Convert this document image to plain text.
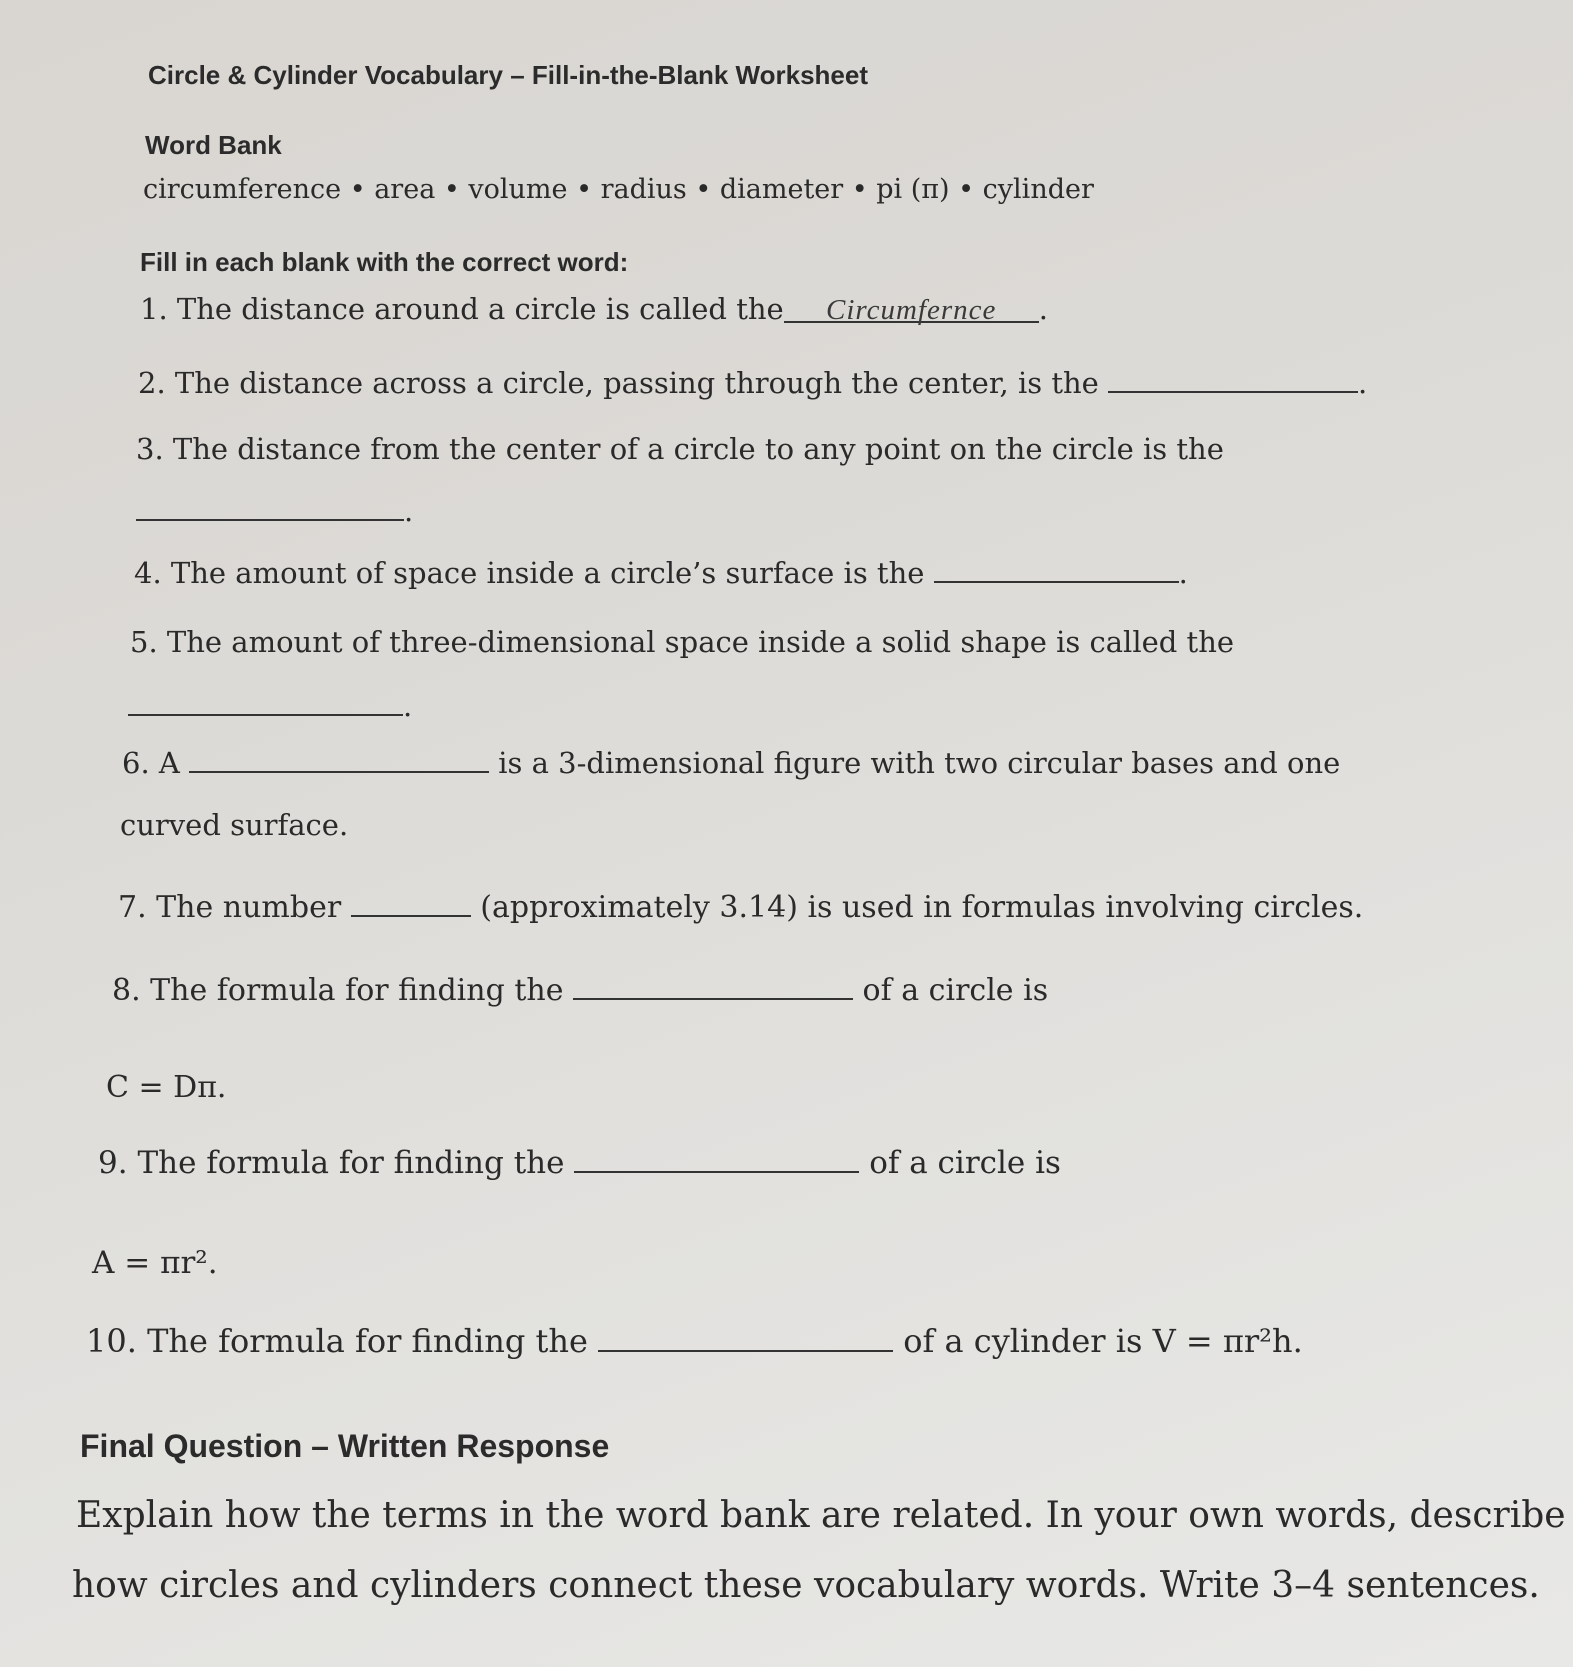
Circle & Cylinder Vocabulary – Fill-in-the-Blank Worksheet
Word Bank
circumference • area • volume • radius • diameter • pi (π) • cylinder
Fill in each blank with the correct word:
1. The distance around a circle is called the Circumfernce .
2. The distance across a circle, passing through the center, is the	.
3. The distance from the center of a circle to any point on the circle is the
.
4. The amount of space inside a circle’s surface is the	.
5. The amount of three-dimensional space inside a solid shape is called the
.
6. A	is a 3-dimensional figure with two circular bases and one
curved surface.
7. The number	(approximately 3.14) is used in formulas involving circles.
8. The formula for finding the	of a circle is
C = Dπ.
9. The formula for finding the	of a circle is
A = πr².
10. The formula for finding the	of a cylinder is V = πr²h.
Final Question – Written Response
Explain how the terms in the word bank are related. In your own words, describe
how circles and cylinders connect these vocabulary words. Write 3–4 sentences.
